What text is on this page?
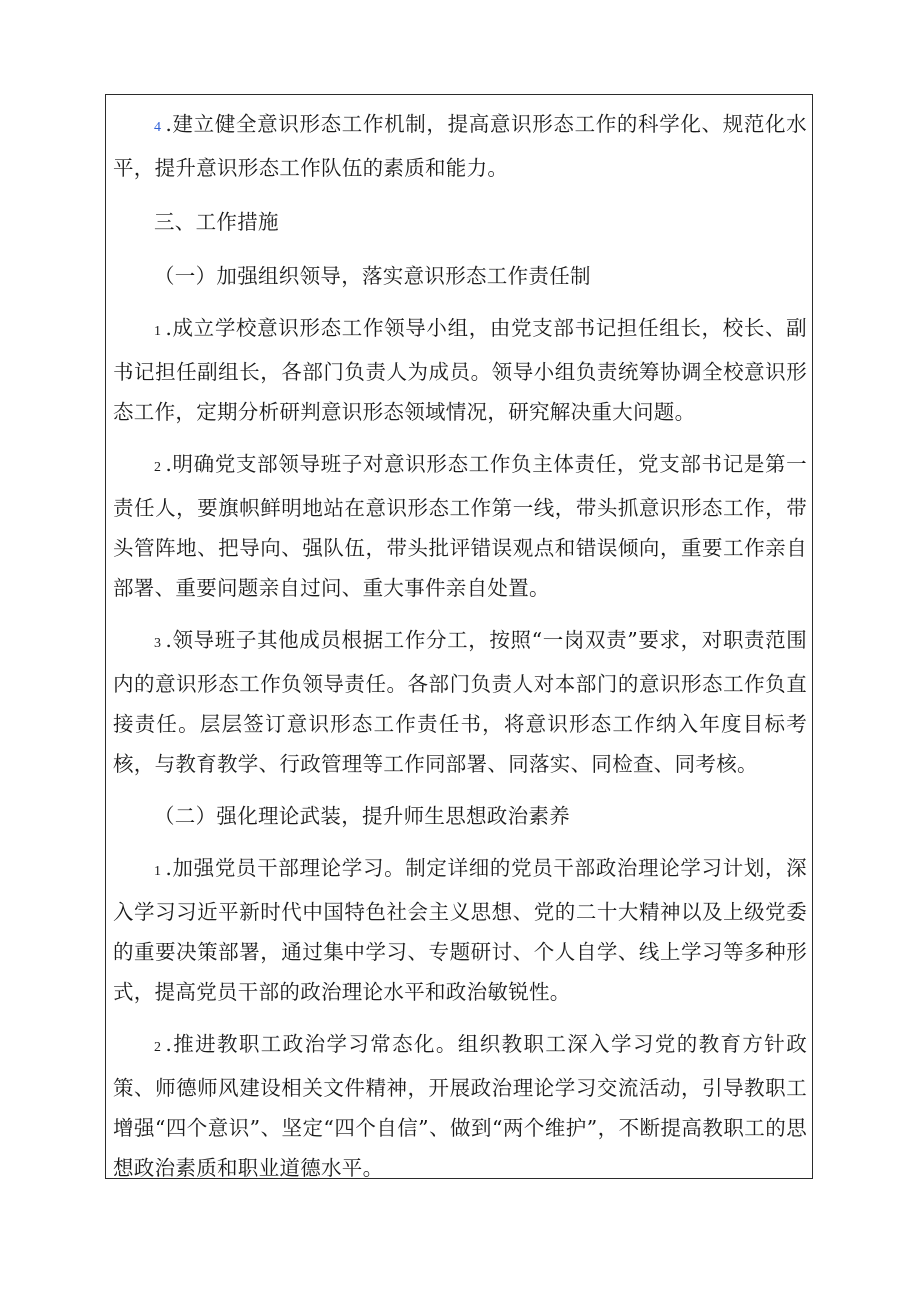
4 .建立健全意识形态工作机制，提高意识形态工作的科学化、规范化水平，提升意识形态工作队伍的素质和能力。

三、工作措施

（一）加强组织领导，落实意识形态工作责任制

1 .成立学校意识形态工作领导小组，由党支部书记担任组长，校长、副书记担任副组长，各部门负责人为成员。领导小组负责统筹协调全校意识形态工作，定期分析研判意识形态领域情况，研究解决重大问题。

2 .明确党支部领导班子对意识形态工作负主体责任，党支部书记是第一责任人，要旗帜鲜明地站在意识形态工作第一线，带头抓意识形态工作，带头管阵地、把导向、强队伍，带头批评错误观点和错误倾向，重要工作亲自部署、重要问题亲自过问、重大事件亲自处置。

3 .领导班子其他成员根据工作分工，按照“一岗双责”要求，对职责范围内的意识形态工作负领导责任。各部门负责人对本部门的意识形态工作负直接责任。层层签订意识形态工作责任书，将意识形态工作纳入年度目标考核，与教育教学、行政管理等工作同部署、同落实、同检查、同考核。

（二）强化理论武装，提升师生思想政治素养

1 .加强党员干部理论学习。制定详细的党员干部政治理论学习计划，深入学习习近平新时代中国特色社会主义思想、党的二十大精神以及上级党委的重要决策部署，通过集中学习、专题研讨、个人自学、线上学习等多种形式，提高党员干部的政治理论水平和政治敏锐性。

2 .推进教职工政治学习常态化。组织教职工深入学习党的教育方针政策、师德师风建设相关文件精神，开展政治理论学习交流活动，引导教职工增强“四个意识”、坚定“四个自信”、做到“两个维护”，不断提高教职工的思想政治素质和职业道德水平。
